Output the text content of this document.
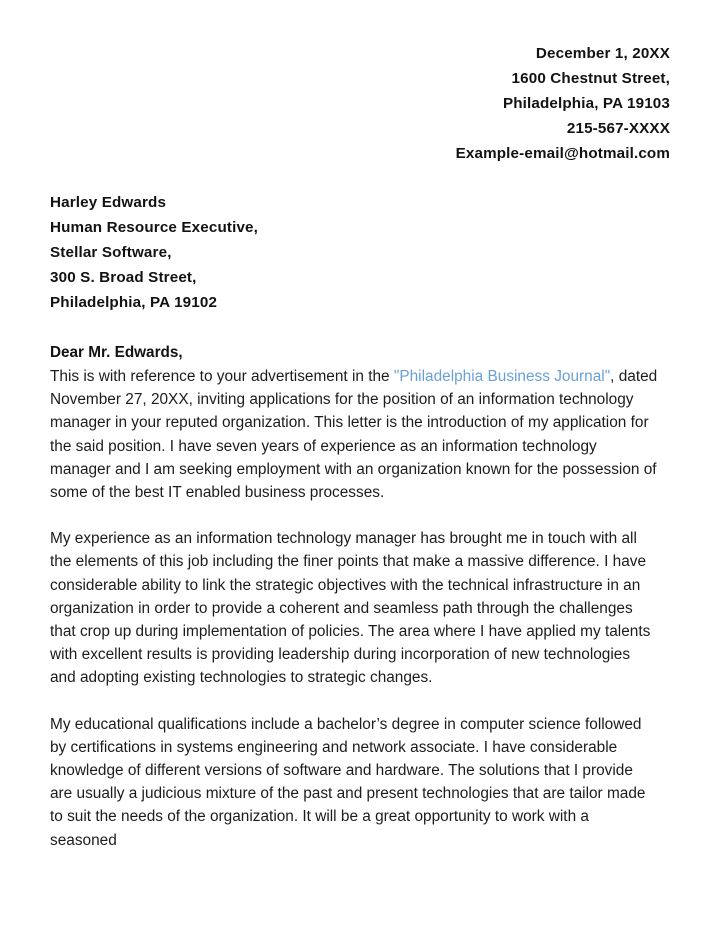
December 1, 20XX
1600 Chestnut Street,
Philadelphia, PA 19103
215-567-XXXX
Example-email@hotmail.com
Harley Edwards
Human Resource Executive,
Stellar Software,
300 S. Broad Street,
Philadelphia, PA 19102
Dear Mr. Edwards,

This is with reference to your advertisement in the "Philadelphia Business Journal", dated November 27, 20XX, inviting applications for the position of an information technology manager in your reputed organization. This letter is the introduction of my application for the said position. I have seven years of experience as an information technology manager and I am seeking employment with an organization known for the possession of some of the best IT enabled business processes.

My experience as an information technology manager has brought me in touch with all the elements of this job including the finer points that make a massive difference. I have considerable ability to link the strategic objectives with the technical infrastructure in an organization in order to provide a coherent and seamless path through the challenges that crop up during implementation of policies. The area where I have applied my talents with excellent results is providing leadership during incorporation of new technologies and adopting existing technologies to strategic changes.

My educational qualifications include a bachelor’s degree in computer science followed by certifications in systems engineering and network associate. I have considerable knowledge of different versions of software and hardware. The solutions that I provide are usually a judicious mixture of the past and present technologies that are tailor made to suit the needs of the organization. It will be a great opportunity to work with a seasoned
